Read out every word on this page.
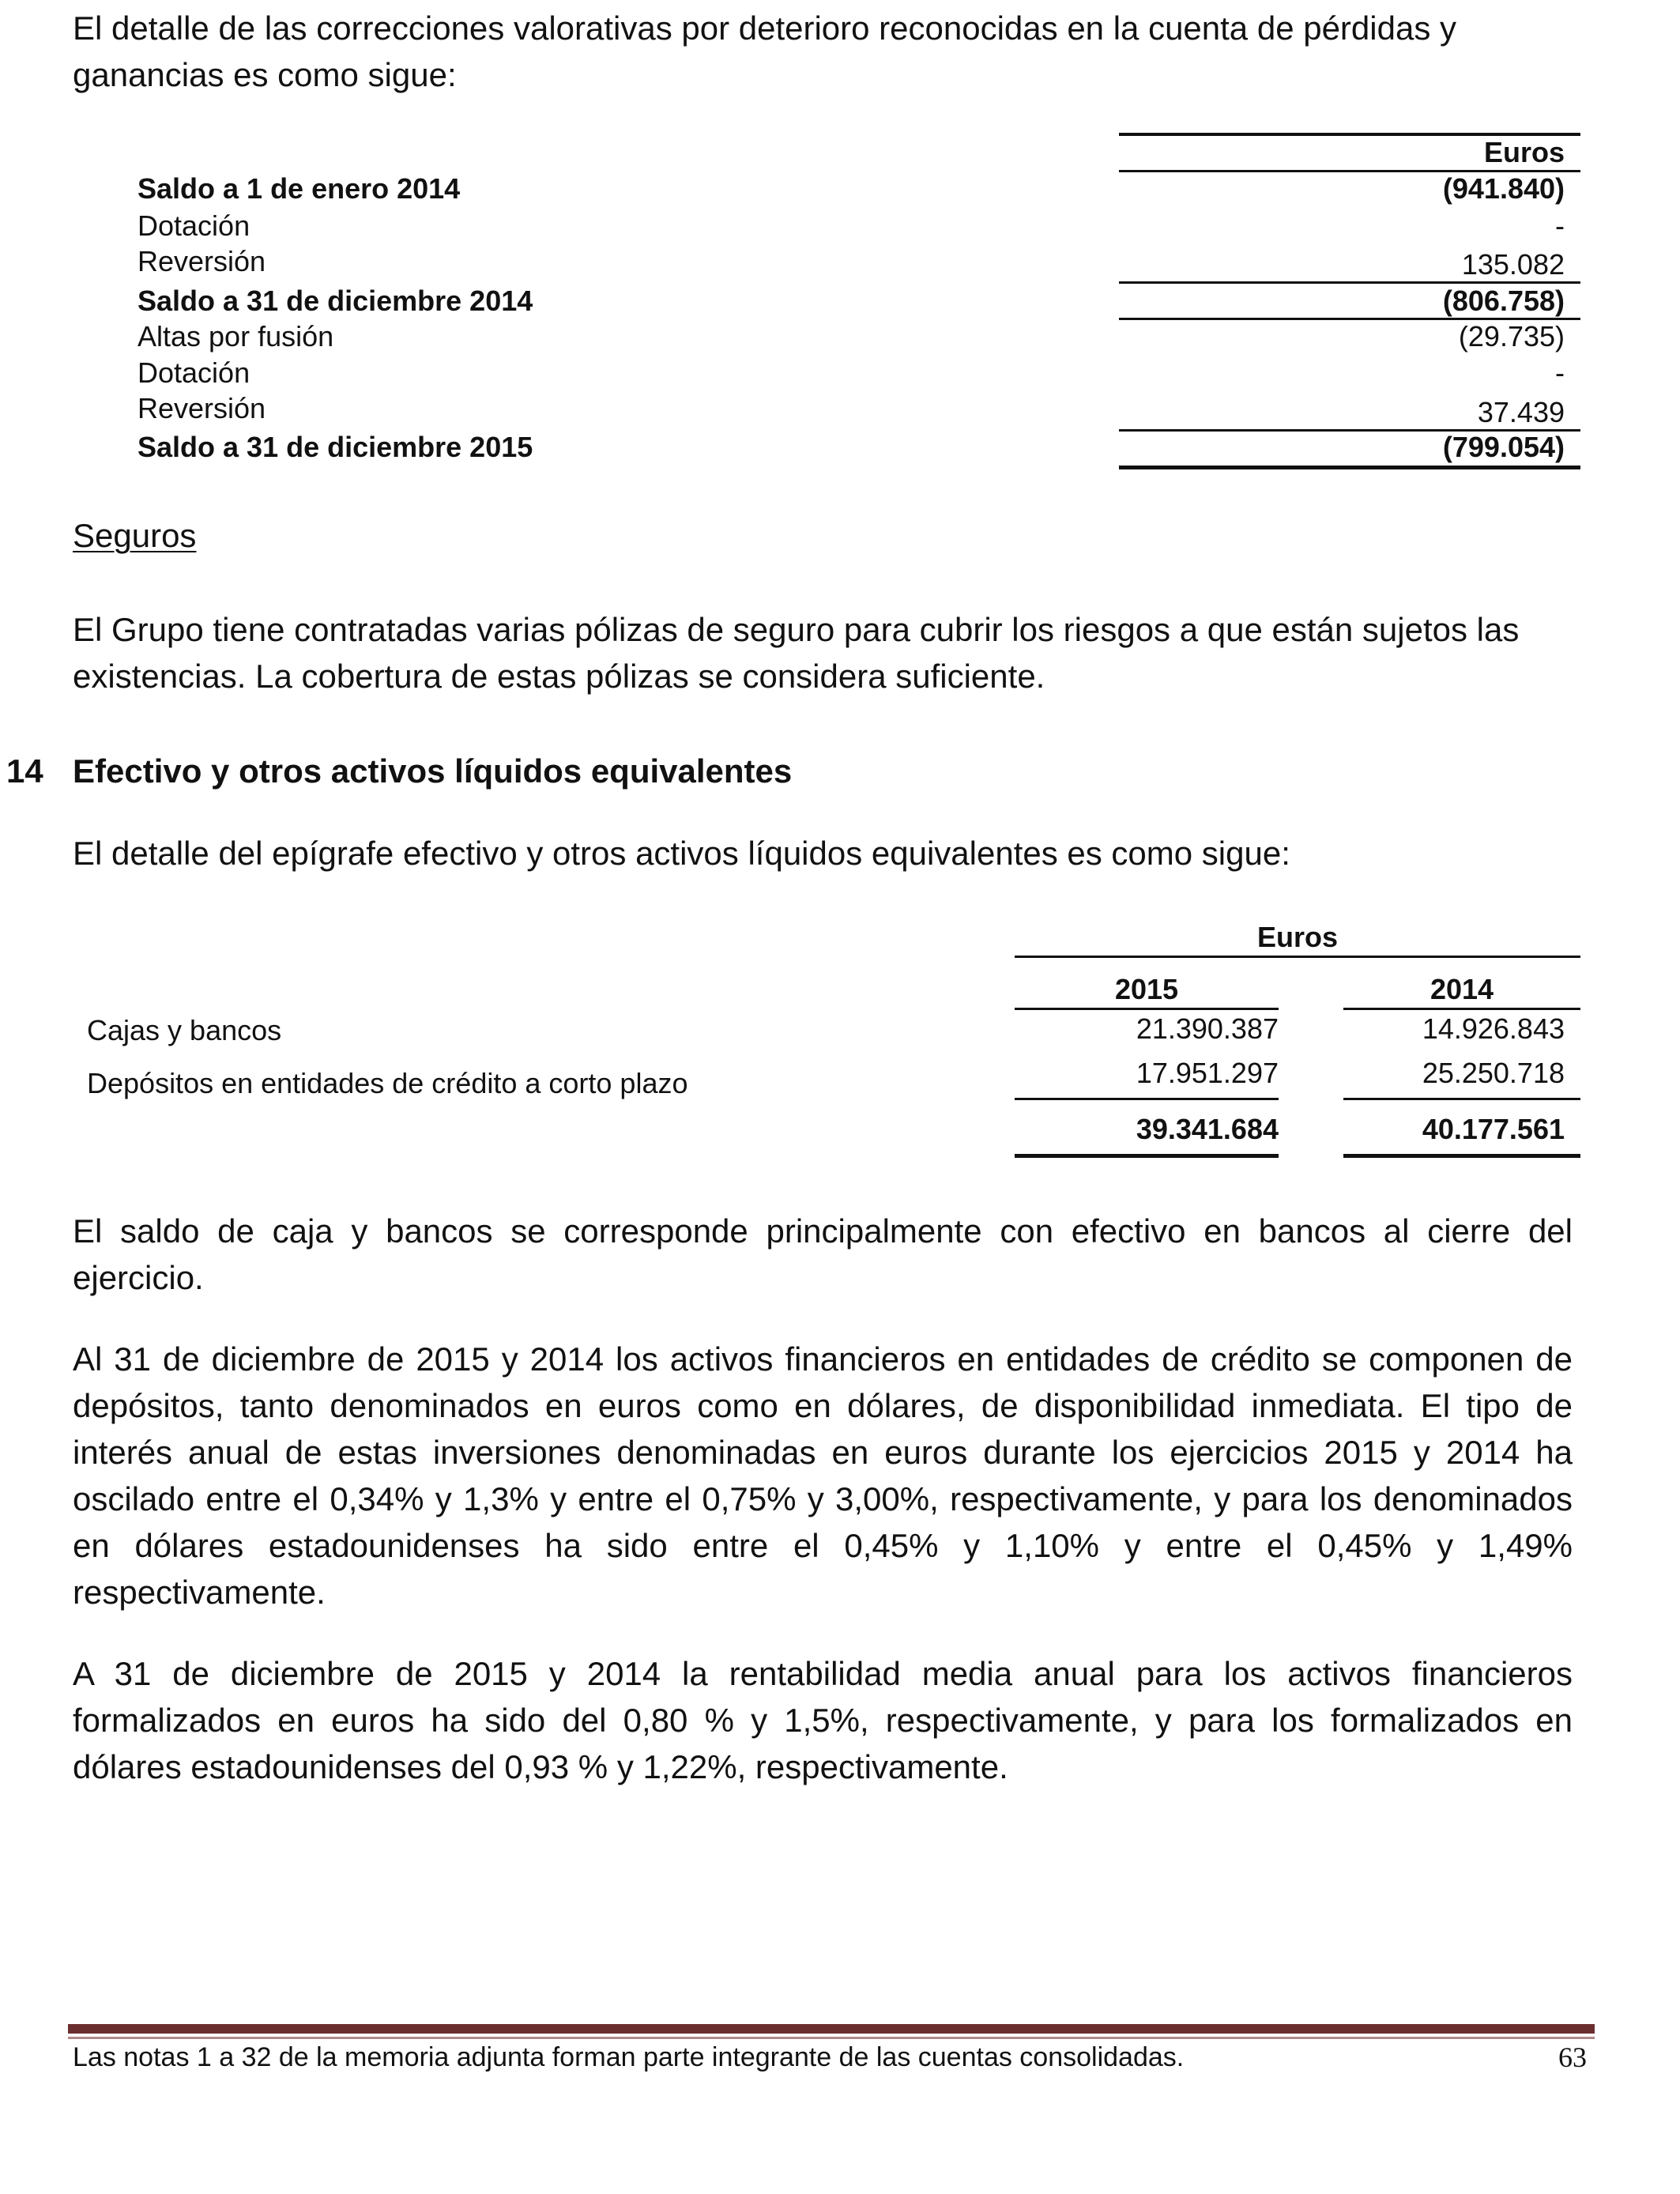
El detalle de las correcciones valorativas por deterioro reconocidas en la cuenta de pérdidas y ganancias es como sigue:

Euros
Saldo a 1 de enero 2014	(941.840)
Dotación	-
Reversión	135.082
Saldo a 31 de diciembre 2014	(806.758)
Altas por fusión	(29.735)
Dotación	-
Reversión	37.439
Saldo a 31 de diciembre 2015	(799.054)
Seguros

El Grupo tiene contratadas varias pólizas de seguro para cubrir los riesgos a que están sujetos las existencias. La cobertura de estas pólizas se considera suficiente.

14 Efectivo y otros activos líquidos equivalentes

El detalle del epígrafe efectivo y otros activos líquidos equivalentes es como sigue:

Euros
2015	2014
Cajas y bancos	21.390.387	14.926.843
Depósitos en entidades de crédito a corto plazo	17.951.297	25.250.718
39.341.684	40.177.561

El saldo de caja y bancos se corresponde principalmente con efectivo en bancos al cierre del ejercicio.

Al 31 de diciembre de 2015 y 2014 los activos financieros en entidades de crédito se componen de depósitos, tanto denominados en euros como en dólares, de disponibilidad inmediata. El tipo de interés anual de estas inversiones denominadas en euros durante los ejercicios 2015 y 2014 ha oscilado entre el 0,34% y 1,3% y entre el 0,75% y 3,00%, respectivamente, y para los denominados en dólares estadounidenses ha sido entre el 0,45% y 1,10% y entre el 0,45% y 1,49% respectivamente.

A 31 de diciembre de 2015 y 2014 la rentabilidad media anual para los activos financieros formalizados en euros ha sido del 0,80 % y 1,5%, respectivamente, y para los formalizados en dólares estadounidenses del 0,93 % y 1,22%, respectivamente.

Las notas 1 a 32 de la memoria adjunta forman parte integrante de las cuentas consolidadas.	63
